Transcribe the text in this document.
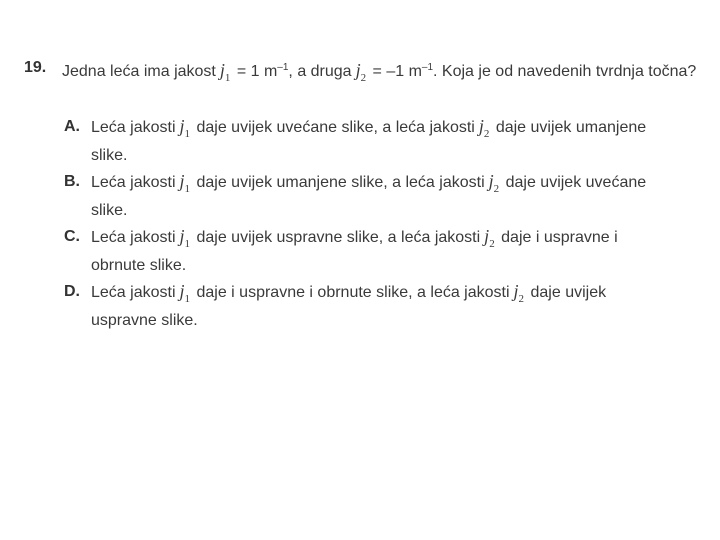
19. Jedna leća ima jakost $j_1 = 1$ $m^{-1}$, a druga $j_2 = -1$ $m^{-1}$. Koja je od navedenih tvrdnja točna?
A. Leća jakosti $j_1$ daje uvijek uvećane slike, a leća jakosti $j_2$ daje uvijek umanjene slike.
B. Leća jakosti $j_1$ daje uvijek umanjene slike, a leća jakosti $j_2$ daje uvijek uvećane slike.
C. Leća jakosti $j_1$ daje uvijek uspravne slike, a leća jakosti $j_2$ daje i uspravne i obrnute slike.
D. Leća jakosti $j_1$ daje i uspravne i obrnute slike, a leća jakosti $j_2$ daje uvijek uspravne slike.
